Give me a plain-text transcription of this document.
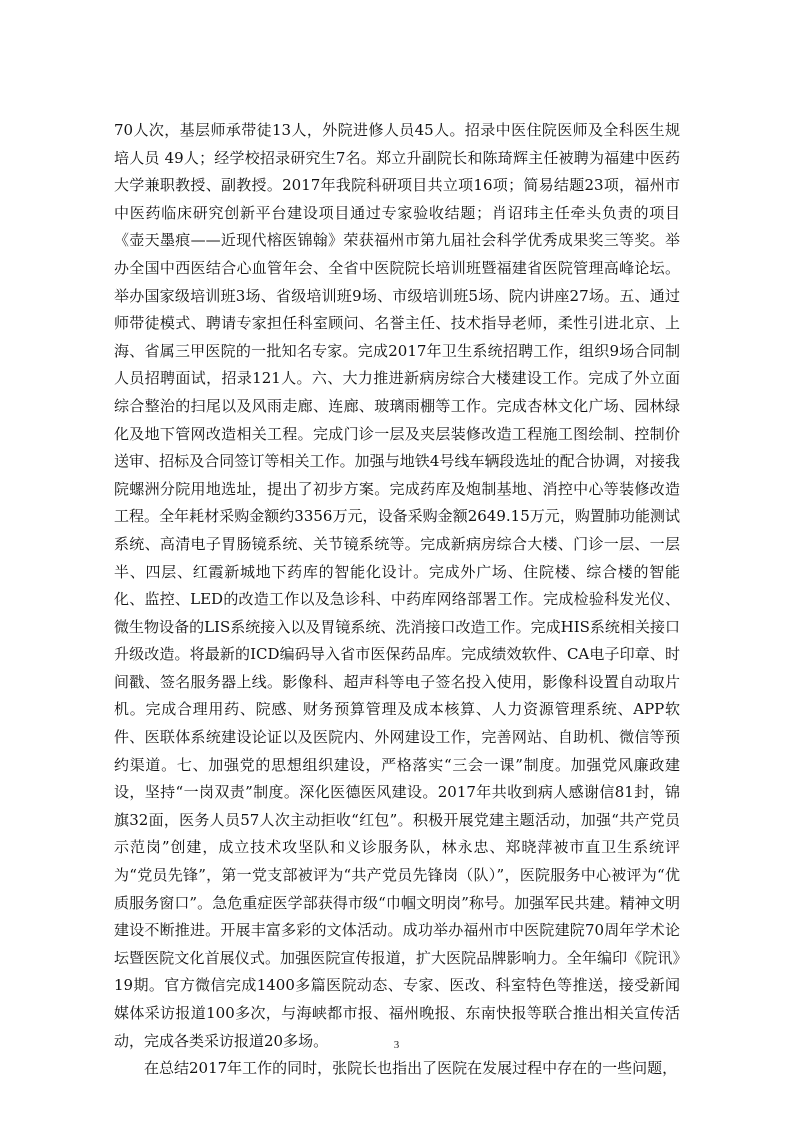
70人次，基层师承带徒13人，外院进修人员45人。招录中医住院医师及全科医生规培人员 49人；经学校招录研究生7名。郑立升副院长和陈琦辉主任被聘为福建中医药大学兼职教授、副教授。2017年我院科研项目共立项16项；简易结题23项，福州市中医药临床研究创新平台建设项目通过专家验收结题；肖诏玮主任牵头负责的项目《壶天墨痕——近现代榕医锦翰》荣获福州市第九届社会科学优秀成果奖三等奖。举办全国中西医结合心血管年会、全省中医院院长培训班暨福建省医院管理高峰论坛。举办国家级培训班3场、省级培训班9场、市级培训班5场、院内讲座27场。五、通过师带徒模式、聘请专家担任科室顾问、名誉主任、技术指导老师，柔性引进北京、上海、省属三甲医院的一批知名专家。完成2017年卫生系统招聘工作，组织9场合同制人员招聘面试，招录121人。六、大力推进新病房综合大楼建设工作。完成了外立面综合整治的扫尾以及风雨走廊、连廊、玻璃雨棚等工作。完成杏林文化广场、园林绿化及地下管网改造相关工程。完成门诊一层及夹层装修改造工程施工图绘制、控制价送审、招标及合同签订等相关工作。加强与地铁4号线车辆段选址的配合协调，对接我院螺洲分院用地选址，提出了初步方案。完成药库及炮制基地、消控中心等装修改造工程。全年耗材采购金额约3356万元，设备采购金额2649.15万元，购置肺功能测试系统、高清电子胃肠镜系统、关节镜系统等。完成新病房综合大楼、门诊一层、一层半、四层、红霞新城地下药库的智能化设计。完成外广场、住院楼、综合楼的智能化、监控、LED的改造工作以及急诊科、中药库网络部署工作。完成检验科发光仪、微生物设备的LIS系统接入以及胃镜系统、洗消接口改造工作。完成HIS系统相关接口升级改造。将最新的ICD编码导入省市医保药品库。完成绩效软件、CA电子印章、时间戳、签名服务器上线。影像科、超声科等电子签名投入使用，影像科设置自动取片机。完成合理用药、院感、财务预算管理及成本核算、人力资源管理系统、APP软件、医联体系统建设论证以及医院内、外网建设工作，完善网站、自助机、微信等预约渠道。七、加强党的思想组织建设，严格落实“三会一课”制度。加强党风廉政建设，坚持“一岗双责”制度。深化医德医风建设。2017年共收到病人感谢信81封，锦旗32面，医务人员57人次主动拒收“红包”。积极开展党建主题活动，加强“共产党员示范岗”创建，成立技术攻坚队和义诊服务队，林永忠、郑晓萍被市直卫生系统评为“党员先锋”，第一党支部被评为“共产党员先锋岗（队）”，医院服务中心被评为“优质服务窗口”。急危重症医学部获得市级“巾帼文明岗”称号。加强军民共建。精神文明建设不断推进。开展丰富多彩的文体活动。成功举办福州市中医院建院70周年学术论坛暨医院文化首展仪式。加强医院宣传报道，扩大医院品牌影响力。全年编印《院讯》19期。官方微信完成1400多篇医院动态、专家、医改、科室特色等推送，接受新闻媒体采访报道100多次，与海峡都市报、福州晚报、东南快报等联合推出相关宣传活动，完成各类采访报道20多场。

在总结2017年工作的同时，张院长也指出了医院在发展过程中存在的一些问题，

3
